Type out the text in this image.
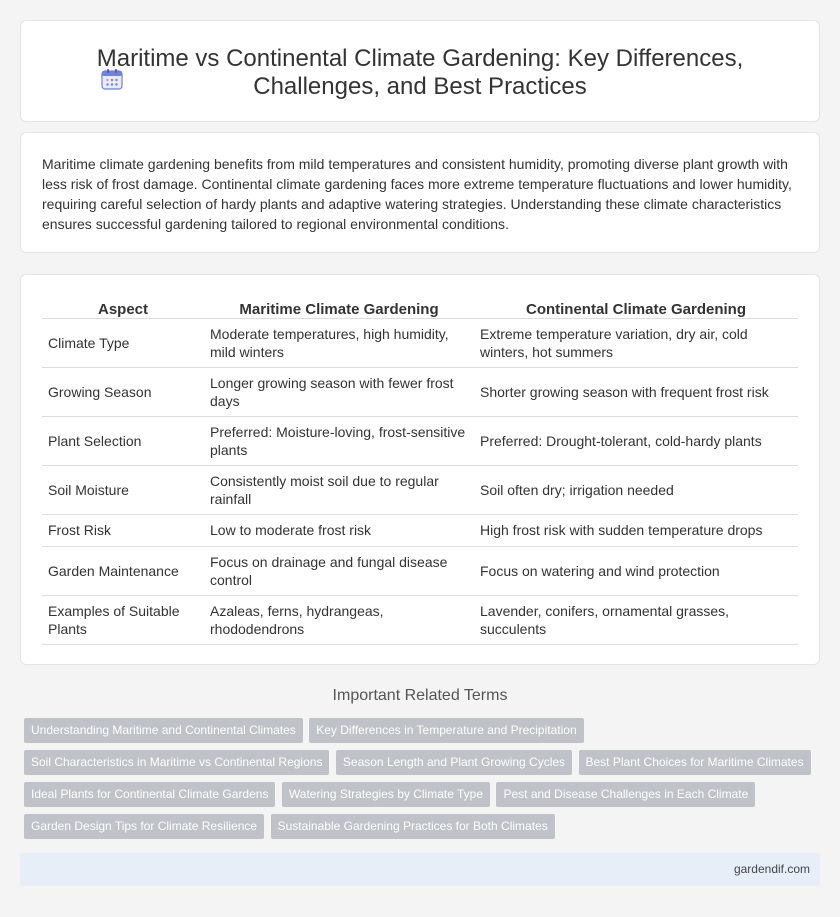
Maritime vs Continental Climate Gardening: Key Differences, Challenges, and Best Practices

Maritime climate gardening benefits from mild temperatures and consistent humidity, promoting diverse plant growth with less risk of frost damage. Continental climate gardening faces more extreme temperature fluctuations and lower humidity, requiring careful selection of hardy plants and adaptive watering strategies. Understanding these climate characteristics ensures successful gardening tailored to regional environmental conditions.

Aspect	Maritime Climate Gardening	Continental Climate Gardening
Climate Type	Moderate temperatures, high humidity, mild winters	Extreme temperature variation, dry air, cold winters, hot summers
Growing Season	Longer growing season with fewer frost days	Shorter growing season with frequent frost risk
Plant Selection	Preferred: Moisture-loving, frost-sensitive plants	Preferred: Drought-tolerant, cold-hardy plants
Soil Moisture	Consistently moist soil due to regular rainfall	Soil often dry; irrigation needed
Frost Risk	Low to moderate frost risk	High frost risk with sudden temperature drops
Garden Maintenance	Focus on drainage and fungal disease control	Focus on watering and wind protection
Examples of Suitable Plants	Azaleas, ferns, hydrangeas, rhododendrons	Lavender, conifers, ornamental grasses, succulents
Important Related Terms
Understanding Maritime and Continental Climates Key Differences in Temperature and Precipitation
Soil Characteristics in Maritime vs Continental Regions Season Length and Plant Growing Cycles Best Plant Choices for Maritime Climates
Ideal Plants for Continental Climate Gardens Watering Strategies by Climate Type Pest and Disease Challenges in Each Climate
Garden Design Tips for Climate Resilience Sustainable Gardening Practices for Both Climates
gardendif.com
